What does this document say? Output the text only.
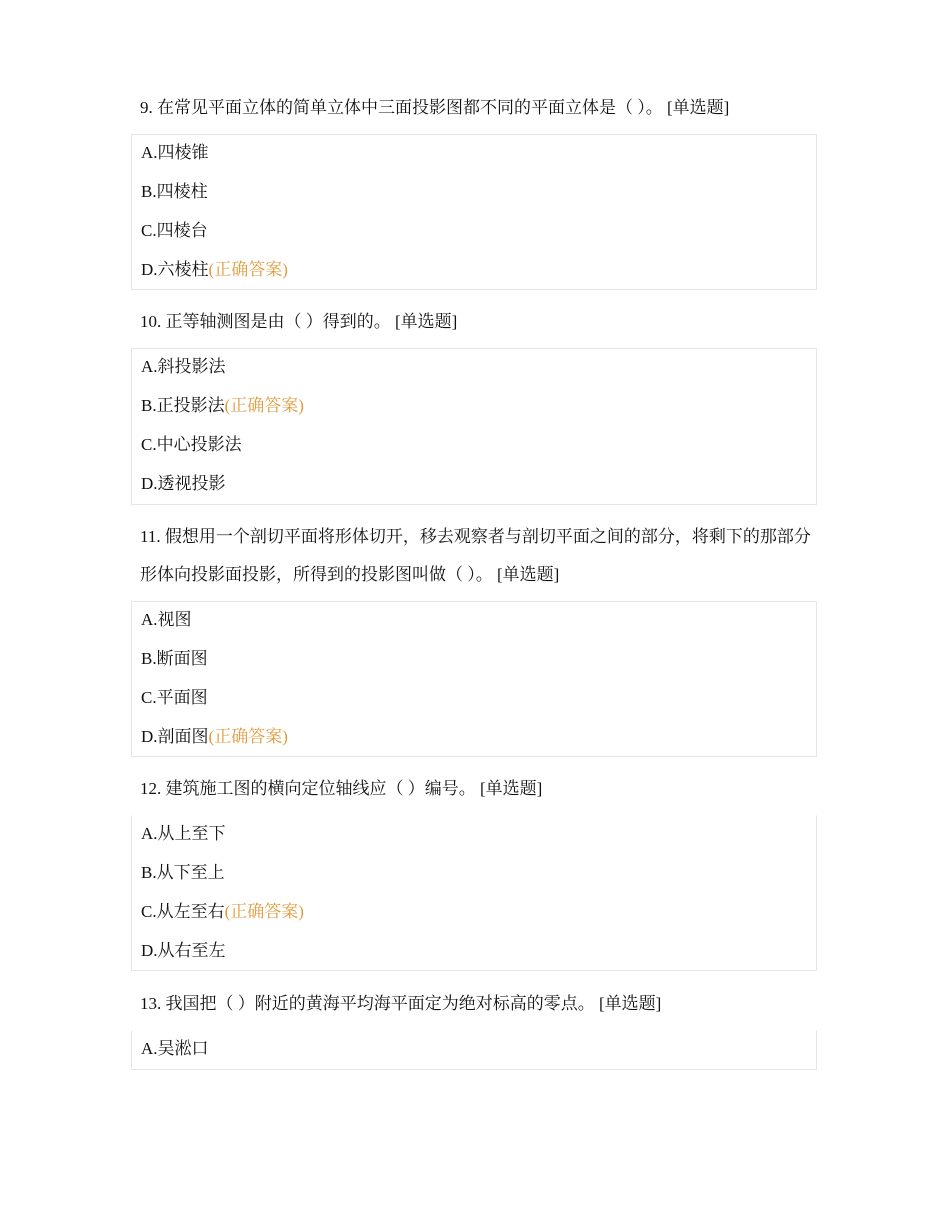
9. 在常见平面立体的简单立体中三面投影图都不同的平面立体是（ ）。 [单选题]
A.四棱锥
B.四棱柱
C.四棱台
D.六棱柱(正确答案)
10. 正等轴测图是由（ ）得到的。 [单选题]
A.斜投影法
B.正投影法(正确答案)
C.中心投影法
D.透视投影
11. 假想用一个剖切平面将形体切开，移去观察者与剖切平面之间的部分，将剩下的那部分形体向投影面投影，所得到的投影图叫做（ ）。 [单选题]
A.视图
B.断面图
C.平面图
D.剖面图(正确答案)
12. 建筑施工图的横向定位轴线应（ ）编号。 [单选题]
A.从上至下
B.从下至上
C.从左至右(正确答案)
D.从右至左
13. 我国把（ ）附近的黄海平均海平面定为绝对标高的零点。 [单选题]
A.吴淞口
